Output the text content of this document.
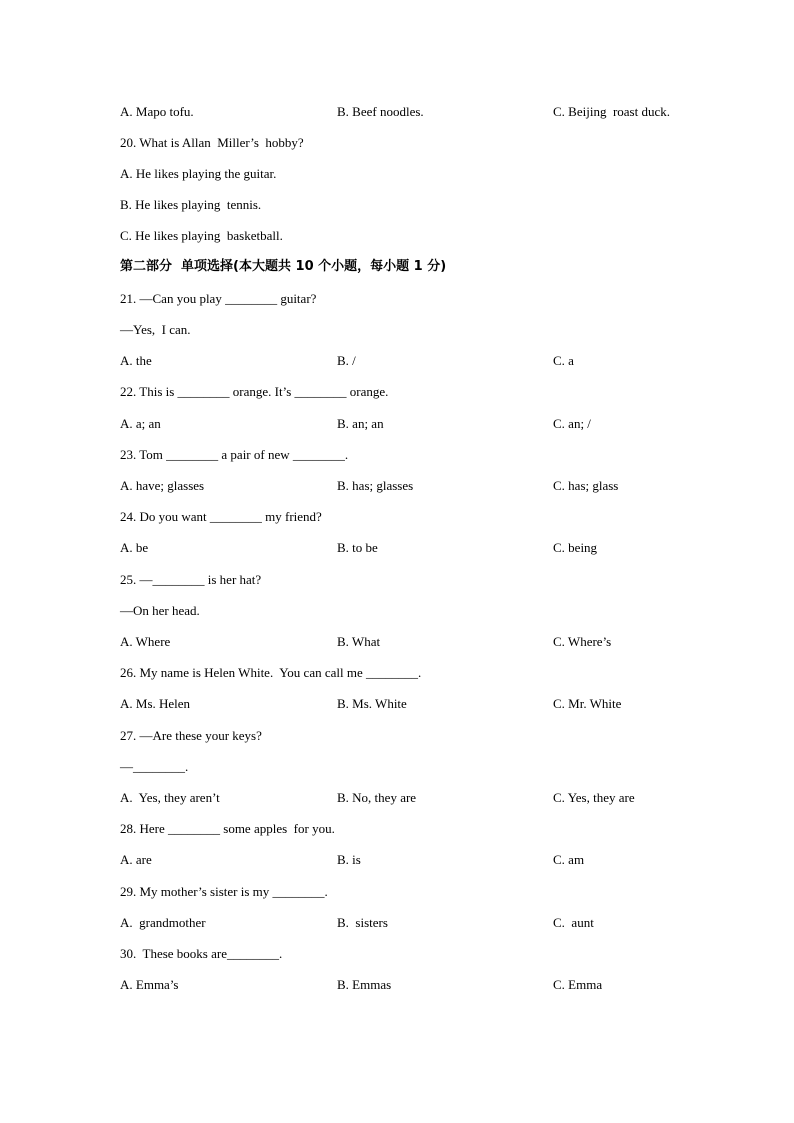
A. Mapo tofu.	B. Beef noodles.	C. Beijing  roast duck.
20. What is Allan  Miller’s  hobby?
A. He likes playing the guitar.
B. He likes playing  tennis.
C. He likes playing  basketball.
第二部分  单项选择(本大题共 10 个小题，每小题 1 分)
21. —Can you play ________ guitar?
—Yes,  I can.
A. the	B. /	C. a
22. This is ________ orange. It’s ________ orange.
A. a; an	B. an; an	C. an; /
23. Tom ________ a pair of new ________.
A. have; glasses	B. has; glasses	C. has; glass
24. Do you want ________ my friend?
A. be	B. to be	C. being
25. —________ is her hat?
—On her head.
A. Where	B. What	C. Where’s
26. My name is Helen White.  You can call me ________.
A. Ms. Helen	B. Ms. White	C. Mr. White
27. —Are these your keys?
—________.
A.  Yes, they aren’t	B. No, they are	C. Yes, they are
28. Here ________ some apples  for you.
A. are	B. is	C. am
29. My mother’s sister is my ________.
A.  grandmother	B.  sisters	C.  aunt
30.  These books are________.
A. Emma’s	B. Emmas	C. Emma
